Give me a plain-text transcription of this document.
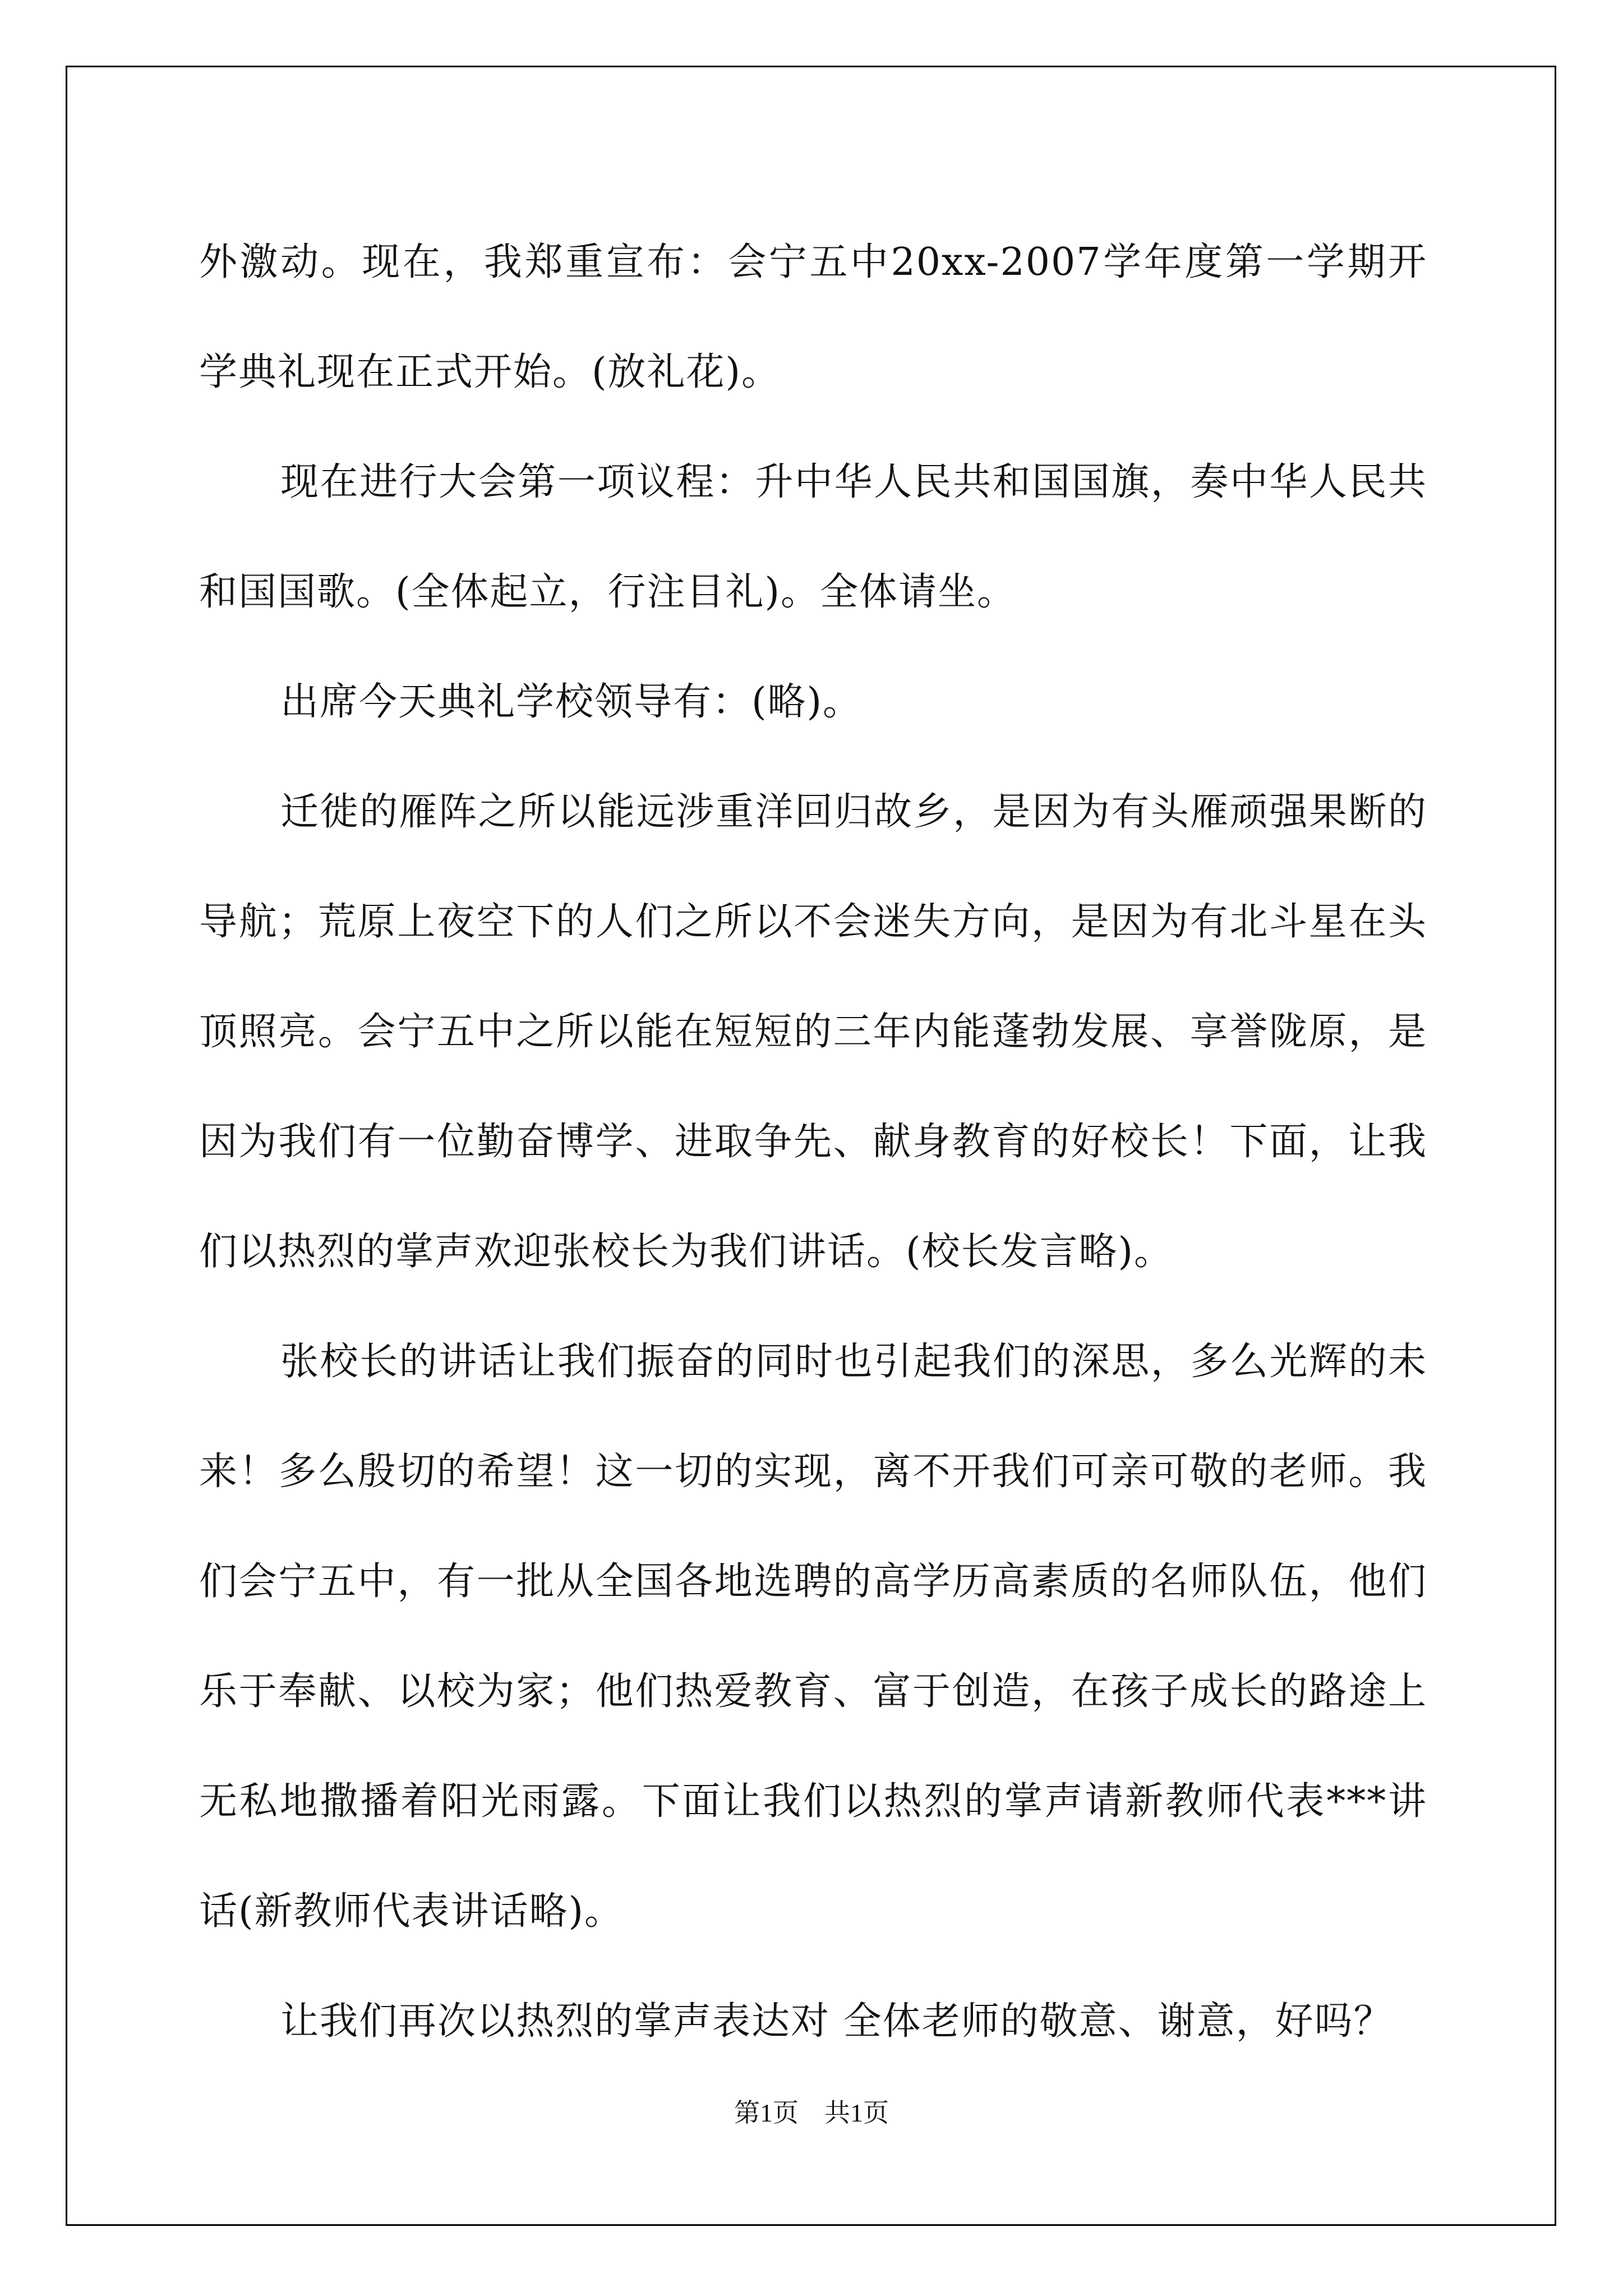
外激动。现在，我郑重宣布：会宁五中20xx-2007学年度第一学期开学典礼现在正式开始。(放礼花)。

现在进行大会第一项议程：升中华人民共和国国旗，奏中华人民共和国国歌。(全体起立，行注目礼)。全体请坐。

出席今天典礼学校领导有：(略)。

迁徙的雁阵之所以能远涉重洋回归故乡，是因为有头雁顽强果断的导航；荒原上夜空下的人们之所以不会迷失方向，是因为有北斗星在头顶照亮。会宁五中之所以能在短短的三年内能蓬勃发展、享誉陇原，是因为我们有一位勤奋博学、进取争先、献身教育的好校长！下面，让我们以热烈的掌声欢迎张校长为我们讲话。(校长发言略)。

张校长的讲话让我们振奋的同时也引起我们的深思，多么光辉的未来！多么殷切的希望！这一切的实现，离不开我们可亲可敬的老师。我们会宁五中，有一批从全国各地选聘的高学历高素质的名师队伍，他们乐于奉献、以校为家；他们热爱教育、富于创造，在孩子成长的路途上无私地撒播着阳光雨露。下面让我们以热烈的掌声请新教师代表***讲话(新教师代表讲话略)。

让我们再次以热烈的掌声表达对 全体老师的敬意、谢意，好吗？

第1页 共1页
